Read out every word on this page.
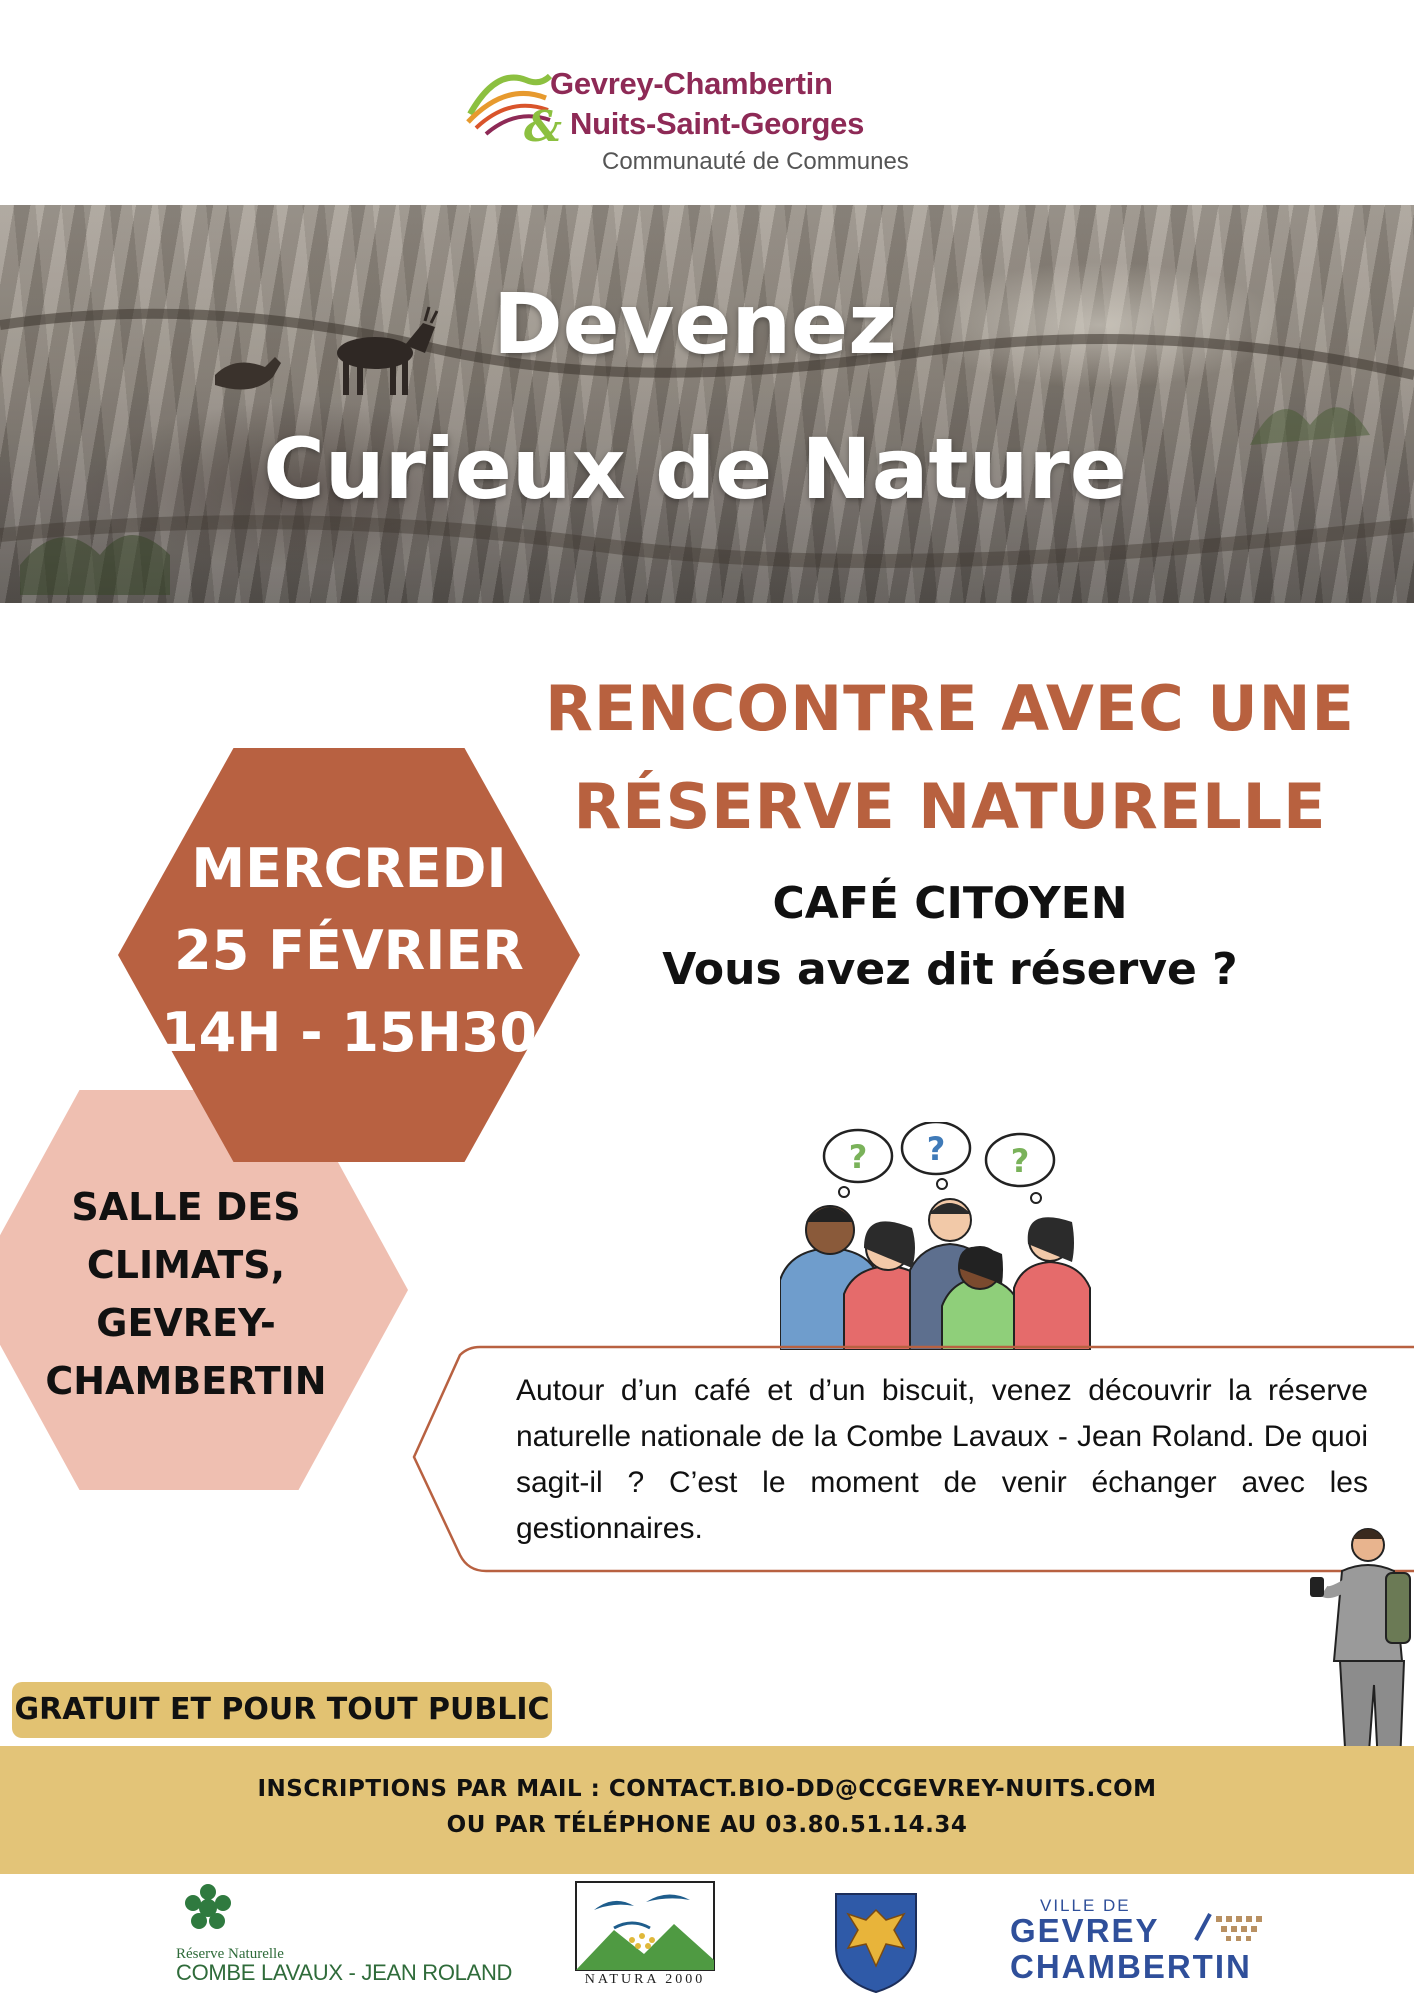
Gevrey-Chambertin
& Nuits-Saint-Georges
Communauté de Communes
Devenez
Curieux de Nature
RENCONTRE AVEC UNE
RÉSERVE NATURELLE
SALLE DES
CLIMATS,
GEVREY-
CHAMBERTIN
MERCREDI
25 FÉVRIER
14H - 15H30
CAFÉ CITOYEN
Vous avez dit réserve ?
? ? ?
Autour d’un café et d’un biscuit, venez découvrir la réserve naturelle nationale de la Combe Lavaux - Jean Roland. De quoi sagit-il ? C’est le moment de venir échanger avec les gestionnaires.
GRATUIT ET POUR TOUT PUBLIC
INSCRIPTIONS PAR MAIL : CONTACT.BIO-DD@CCGEVREY-NUITS.COM
OU PAR TÉLÉPHONE AU 03.80.51.14.34
Réserve Naturelle
COMBE LAVAUX - JEAN ROLAND	NATURA 2000
VILLE DE
GEVREY
CHAMBERTIN
